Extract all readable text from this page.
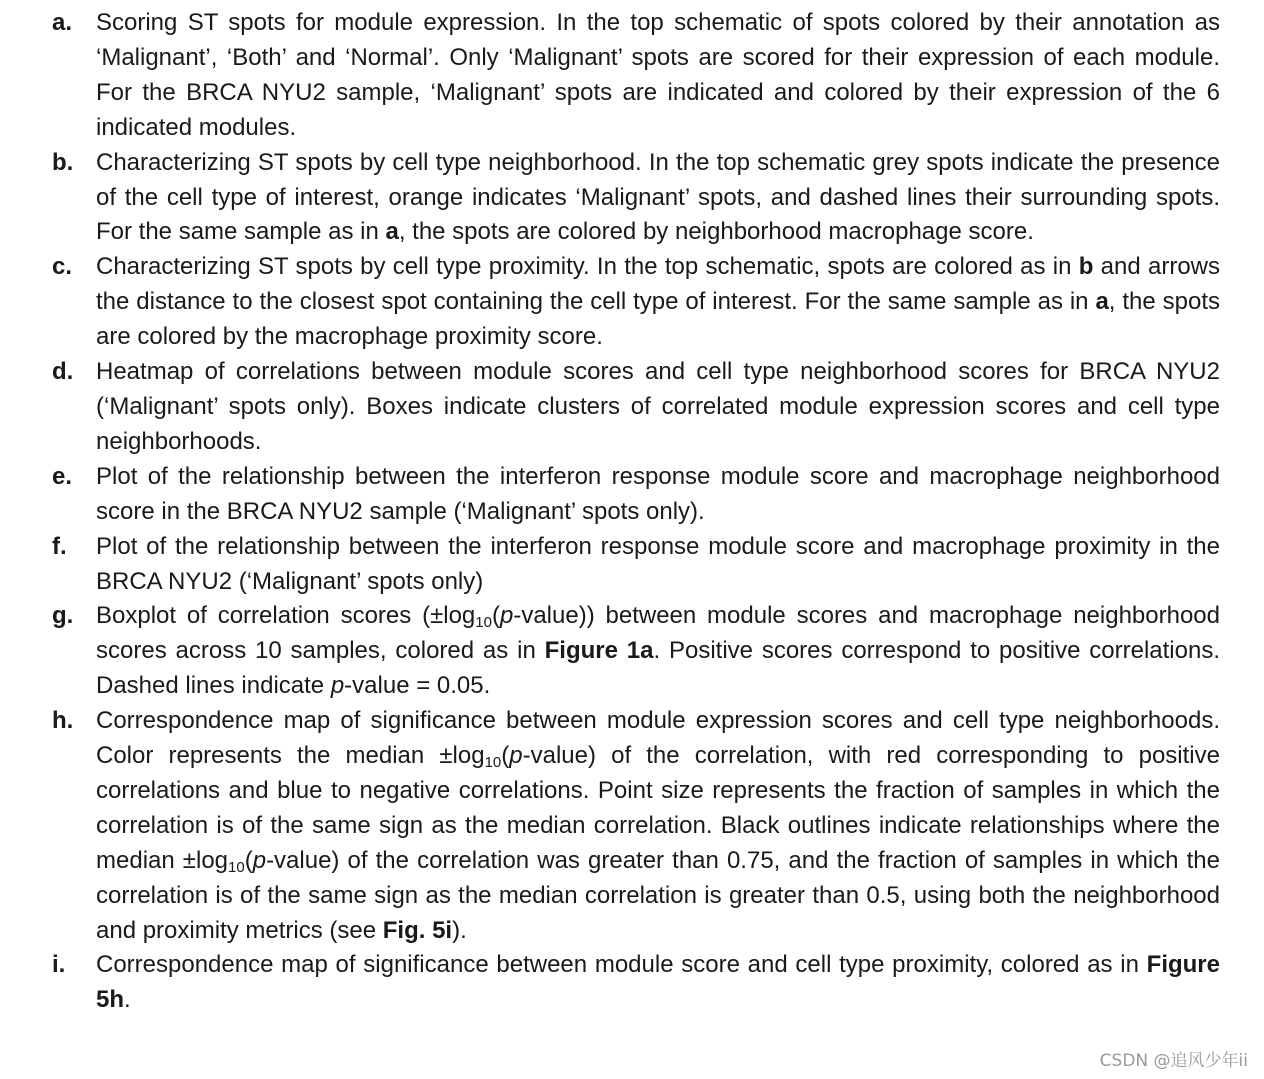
a. Scoring ST spots for module expression. In the top schematic of spots colored by their annotation as ‘Malignant’, ‘Both’ and ‘Normal’. Only ‘Malignant’ spots are scored for their expression of each module. For the BRCA NYU2 sample, ‘Malignant’ spots are indicated and colored by their expression of the 6 indicated modules.
b. Characterizing ST spots by cell type neighborhood. In the top schematic grey spots indicate the presence of the cell type of interest, orange indicates ‘Malignant’ spots, and dashed lines their surrounding spots. For the same sample as in a, the spots are colored by neighborhood macrophage score.
c. Characterizing ST spots by cell type proximity. In the top schematic, spots are colored as in b and arrows the distance to the closest spot containing the cell type of interest. For the same sample as in a, the spots are colored by the macrophage proximity score.
d. Heatmap of correlations between module scores and cell type neighborhood scores for BRCA NYU2 (‘Malignant’ spots only). Boxes indicate clusters of correlated module expression scores and cell type neighborhoods.
e. Plot of the relationship between the interferon response module score and macrophage neighborhood score in the BRCA NYU2 sample (‘Malignant’ spots only).
f.	Plot of the relationship between the interferon response module score and macrophage proximity in the BRCA NYU2 (‘Malignant’ spots only)
g. Boxplot of correlation scores $(\pm\log_{10}(p-value))$ between module scores and macrophage neighborhood scores across 10 samples, colored as in Figure 1a. Positive scores correspond to positive correlations. Dashed lines indicate p-value = 0.05.
h. Correspondence map of significance between module expression scores and cell type neighborhoods. Color represents the median $\pm\log_{10}(p-value)$ of the correlation, with red corresponding to positive correlations and blue to negative correlations. Point size represents the fraction of samples in which the correlation is of the same sign as the median correlation. Black outlines indicate relationships where the median $\pm\log_{10}(p-value)$ of the correlation was greater than 0.75, and the fraction of samples in which the correlation is of the same sign as the median correlation is greater than 0.5, using both the neighborhood and proximity metrics (see Fig. 5i).
i.	Correspondence map of significance between module score and cell type proximity, colored as in Figure 5h.
CSDN @追风少年ii
